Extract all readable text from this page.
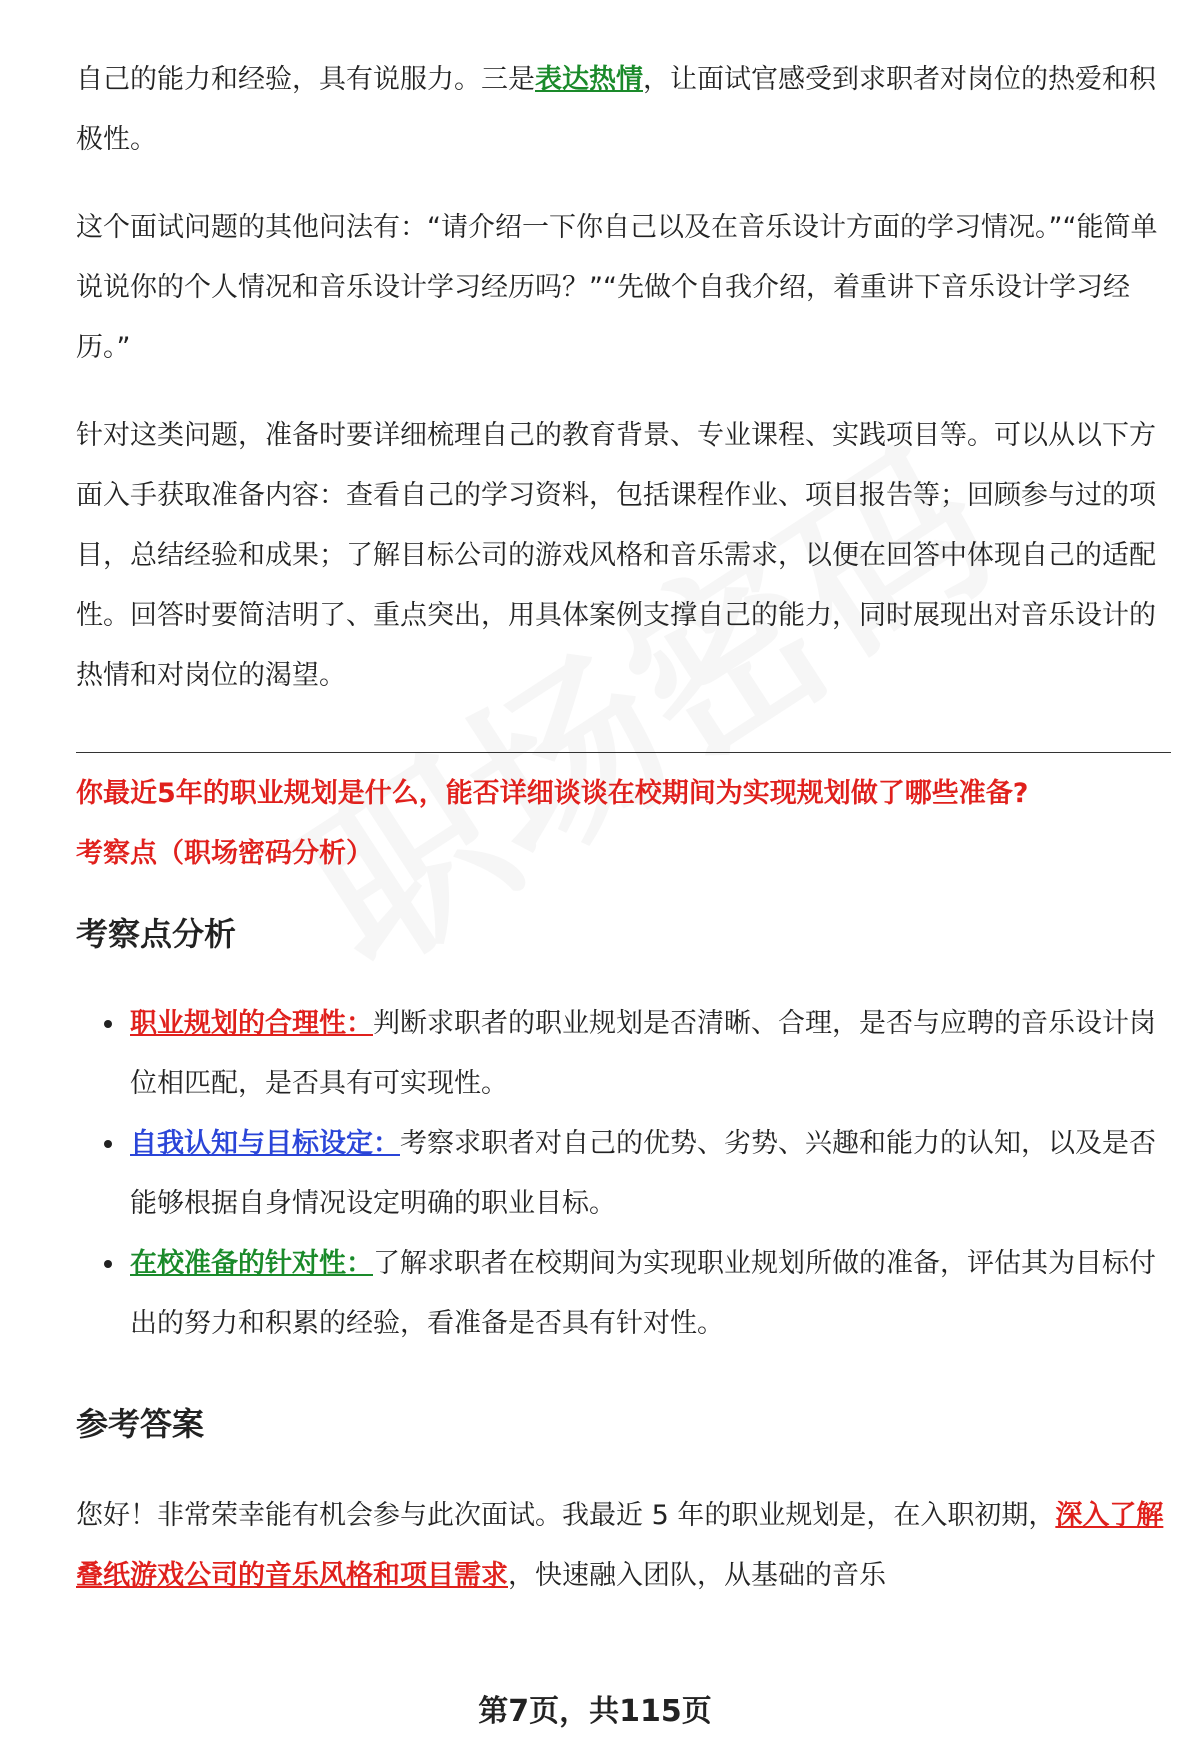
自己的能力和经验，具有说服力。三是表达热情，让面试官感受到求职者对岗位的热爱和积极性。

这个面试问题的其他问法有：“请介绍一下你自己以及在音乐设计方面的学习情况。”“能简单说说你的个人情况和音乐设计学习经历吗？”“先做个自我介绍，着重讲下音乐设计学习经历。”

针对这类问题，准备时要详细梳理自己的教育背景、专业课程、实践项目等。可以从以下方面入手获取准备内容：查看自己的学习资料，包括课程作业、项目报告等；回顾参与过的项目，总结经验和成果；了解目标公司的游戏风格和音乐需求，以便在回答中体现自己的适配性。回答时要简洁明了、重点突出，用具体案例支撑自己的能力，同时展现出对音乐设计的热情和对岗位的渴望。

你最近5年的职业规划是什么，能否详细谈谈在校期间为实现规划做了哪些准备?

考察点（职场密码分析）

考察点分析
职业规划的合理性：判断求职者的职业规划是否清晰、合理，是否与应聘的音乐设计岗位相匹配，是否具有可实现性。
自我认知与目标设定：考察求职者对自己的优势、劣势、兴趣和能力的认知，以及是否能够根据自身情况设定明确的职业目标。
在校准备的针对性：了解求职者在校期间为实现职业规划所做的准备，评估其为目标付出的努力和积累的经验，看准备是否具有针对性。
参考答案

您好！非常荣幸能有机会参与此次面试。我最近 5 年的职业规划是，在入职初期，深入了解叠纸游戏公司的音乐风格和项目需求，快速融入团队，从基础的音乐

第7页，共115页
